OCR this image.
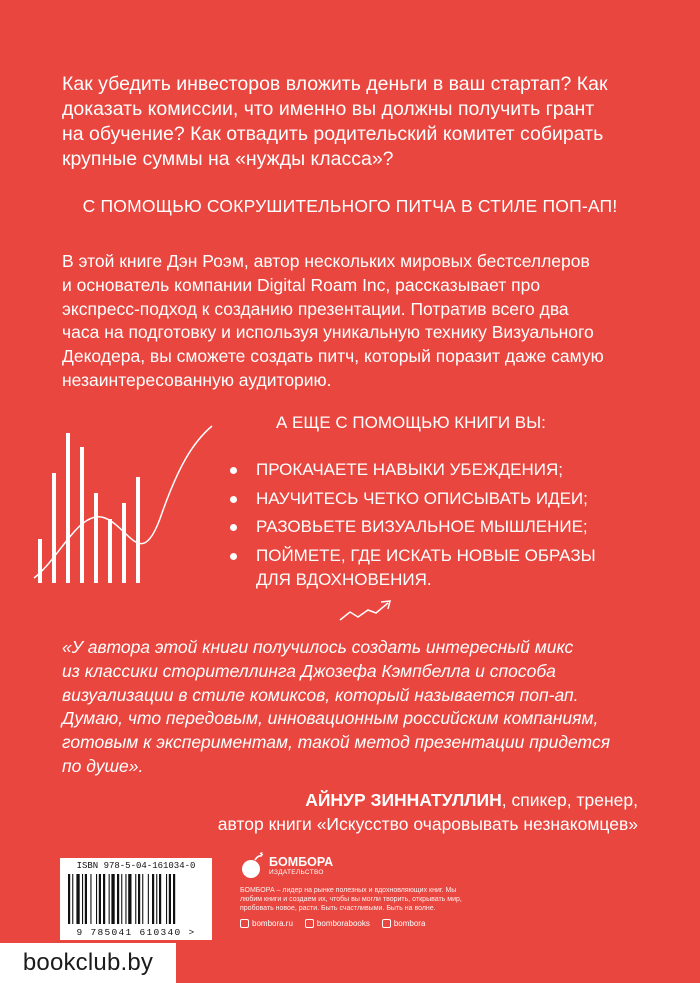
Как убедить инвесторов вложить деньги в ваш стартап? Как

доказать комиссии, что именно вы должны получить грант

на обучение? Как отвадить родительский комитет собирать

крупные суммы на «нужды класса»?

С ПОМОЩЬЮ СОКРУШИТЕЛЬНОГО ПИТЧА В СТИЛЕ ПОП-АП!

В этой книге Дэн Роэм, автор нескольких мировых бестселлеров

и основатель компании Digital Roam Inc, рассказывает про

экспресс-подход к созданию презентации. Потратив всего два

часа на подготовку и используя уникальную технику Визуального

Декодера, вы сможете создать питч, который поразит даже самую

незаинтересованную аудиторию.

А ЕЩЕ С ПОМОЩЬЮ КНИГИ ВЫ:
ПРОКАЧАЕТЕ НАВЫКИ УБЕЖДЕНИЯ;
НАУЧИТЕСЬ ЧЕТКО ОПИСЫВАТЬ ИДЕИ;
РАЗОВЬЕТЕ ВИЗУАЛЬНОЕ МЫШЛЕНИЕ;
ПОЙМЕТЕ, ГДЕ ИСКАТЬ НОВЫЕ ОБРАЗЫ
ДЛЯ ВДОХНОВЕНИЯ.

«У автора этой книги получилось создать интересный микс

из классики сторителлинга Джозефа Кэмпбелла и способа

визуализации в стиле комиксов, который называется поп-ап.

Думаю, что передовым, инновационным российским компаниям,

готовым к экспериментам, такой метод презентации придется

по душе».

АЙНУР ЗИННАТУЛЛИН, спикер, тренер,
автор книги «Искусство очаровывать незнакомцев»
ISBN 978-5-04-161034-0
9 785041 610340 >
БОМБОРА
ИЗДАТЕЛЬСТВО
БОМБОРА – лидер на рынке полезных и вдохновляющих книг. Мы любим книги и создаем их, чтобы вы могли творить, открывать мир, пробовать новое, расти. Быть счастливыми. Быть на волне.
bombora.ru	bomborabooks	bombora
bookclub.by
